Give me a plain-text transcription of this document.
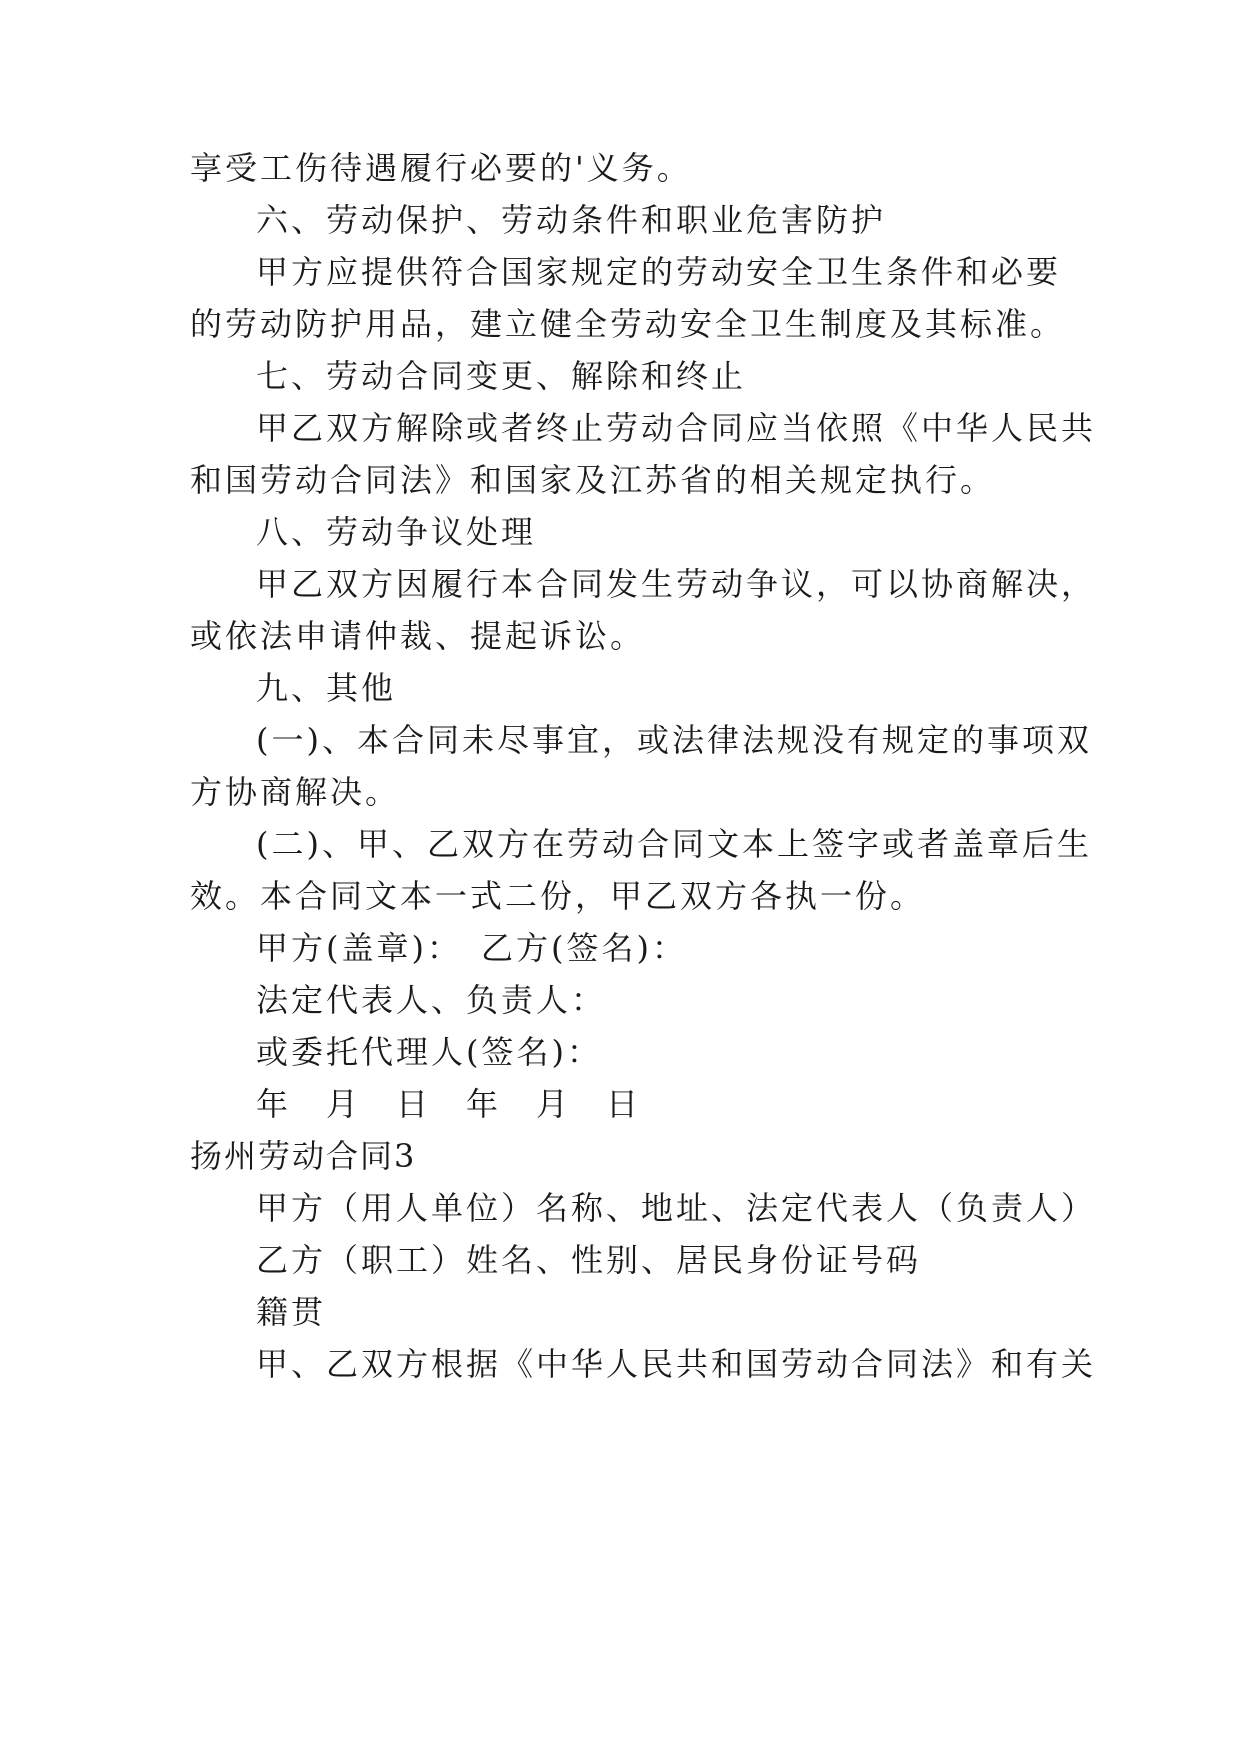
享受工伤待遇履行必要的'义务。
六、劳动保护、劳动条件和职业危害防护
甲方应提供符合国家规定的劳动安全卫生条件和必要
的劳动防护用品，建立健全劳动安全卫生制度及其标准。
七、劳动合同变更、解除和终止
甲乙双方解除或者终止劳动合同应当依照《中华人民共
和国劳动合同法》和国家及江苏省的相关规定执行。
八、劳动争议处理
甲乙双方因履行本合同发生劳动争议，可以协商解决，
或依法申请仲裁、提起诉讼。
九、其他
(一)、本合同未尽事宜，或法律法规没有规定的事项双
方协商解决。
(二)、甲、乙双方在劳动合同文本上签字或者盖章后生
效。本合同文本一式二份，甲乙双方各执一份。
甲方(盖章)：　乙方(签名)：
法定代表人、负责人：
或委托代理人(签名)：
年　月　日　年　月　日
扬州劳动合同3
甲方（用人单位）名称、地址、法定代表人（负责人）
乙方（职工）姓名、性别、居民身份证号码
籍贯
甲、乙双方根据《中华人民共和国劳动合同法》和有关
